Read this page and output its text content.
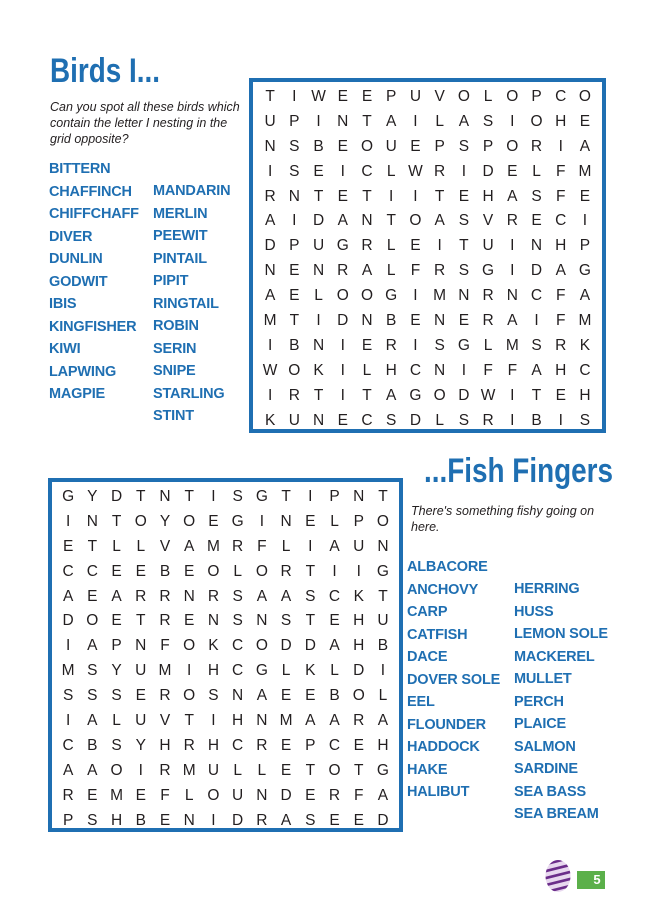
Birds I...
Can you spot all these birds which contain the letter I nesting in the grid opposite?
BITTERN
CHAFFINCH
CHIFFCHAFF
DIVER
DUNLIN
GODWIT
IBIS
KINGFISHER
KIWI
LAPWING
MAGPIE
MANDARIN
MERLIN
PEEWIT
PINTAIL
PIPIT
RINGTAIL
ROBIN
SERIN
SNIPE
STARLING
STINT
T	I W E E P U V O L O P C O
U P	I	N T A	I	L A S	I	O H E
N S B E O U E P S P O R	I	A
I	S E	I	C L W R	I	D E L F M
R N T E T	I	I	T E H A S F E
A	I	D A N T O A S V R E C	I
D P U G R L E	I	T U	I	N H P
N E N R A L F R S G	I	D A G
A E L O O G	I	M N R N C F A
M T	I	D N B E N E R A	I	F M
I	B N	I	E R	I	S G L M S R K
W O K	I	L H C N	I	F F A H C
I	R T	I	T A G O D W I	T E H
K U N E C S D L S R	I	B	I	S
...Fish Fingers
There's something fishy going on here.
ALBACORE
ANCHOVY
CARP
CATFISH
DACE
DOVER SOLE
EEL
FLOUNDER
HADDOCK
HAKE
HALIBUT
HERRING
HUSS
LEMON SOLE
MACKEREL
MULLET
PERCH
PLAICE
SALMON
SARDINE
SEA BASS
SEA BREAM
G Y D T N T	I	S G T	I	P N T
I	N T O Y O E G	I	N E L P O
E T L	L V A M R F L	I	A U N
C C E E B E O L O R T	I	I	G
A E A R R N R S A A S C K T
D O E T R E N S N S T E H U
I	A P N F O K C O D D A H B
M S Y U M	I	H C G L K L D	I
S S S E R O S N A E E B O L
I	A L U V T	I	H N M A A R A
C B S Y H R H C R E P C E H
A A O	I	R M U L	L E T O T G
R E M E F L O U N D E R F A
P S H B E N	I	D R A S E E D
5
